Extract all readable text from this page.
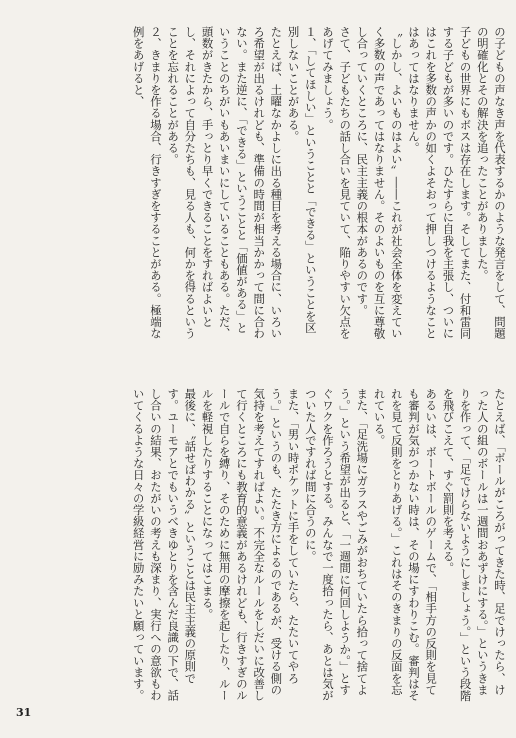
の子どもの声なき声を代表するかのような発言をして、問題の明確化とその解決を追ったことがありました。

子どもの世界にもボスは存在します。そしてまた、付和雷同する子どもが多いのです。ひたすらに自我を主張し、ついにはこれを多数の声かの如くよそおって押しつけるようなことはあってはなりません。

〝しかし、よいものはよい〟――これが社会全体を変えていく多数の声であってはなりません。そのよいものを互に尊敬し合っていくところに、民主主義の根本があるのです。

さて、子どもたちの話し合いを見ていて、陥りやすい欠点をあげてみましょう。

１、「してほしい」ということと「できる」ということを区別しないことがある。

たとえば、土曜なかよしに出る種目を考える場合に、いろいろ希望が出るけれども、準備の時間が相当かかって間に合わない。また逆に、「できる」ということと「価値がある」ということのちがいもあいまいにしていることもある。ただ、頭数がきたから、手っとり早くできることをすればよいとし、それによって自分たちも、見る人も、何かを得るということを忘れることがある。

２、きまりを作る場合、行きすぎをすることがある。極端な例をあげると、

たとえば、「ボールがころがってきた時、足でけったら、けった人の組のボールは一週間おあずけにする。」というきまりを作って、「足でけらないようにしましょう。」という段階を飛びこえて、すぐ罰則を考える。

あるいは、ボートボールのゲームで、「相手方の反則を見ても審判が気がつかない時は、その場にすわりこむ。審判はそれを見て反則をとりあげる。」これはそのきまりの反面を忘れている。

また、「足洗場にガラスやごみがおちていたら拾って捨てよう。」という希望が出ると、「一週間に何回しようか。」とすぐワクを作ろうとする。みんなで一度拾ったら、あとは気がついた人ですれば間に合うのに。

また、「男い時ポケットに手をしていたら、たたいてやろう。」というのも、たたき方によるのであるが、受ける側の気持を考えてすればよい。不完全なルールをしだいに改善して行くところにも教育的意義があるけれども、行きすぎのルールで自らを縛り、そのために無用の摩擦を起したり、ルールを軽視したりすることになってはこまる。

最後に、〝話せばわかる〟ということは民主主義の原則です。ユーモアとでもいうべきゆとりを含んだ良識の下で、話し合いの結果、おたがいの考えも深まり、実行への意欲もわいてくるような日々の学級経営に励みたいと願っています。

31
